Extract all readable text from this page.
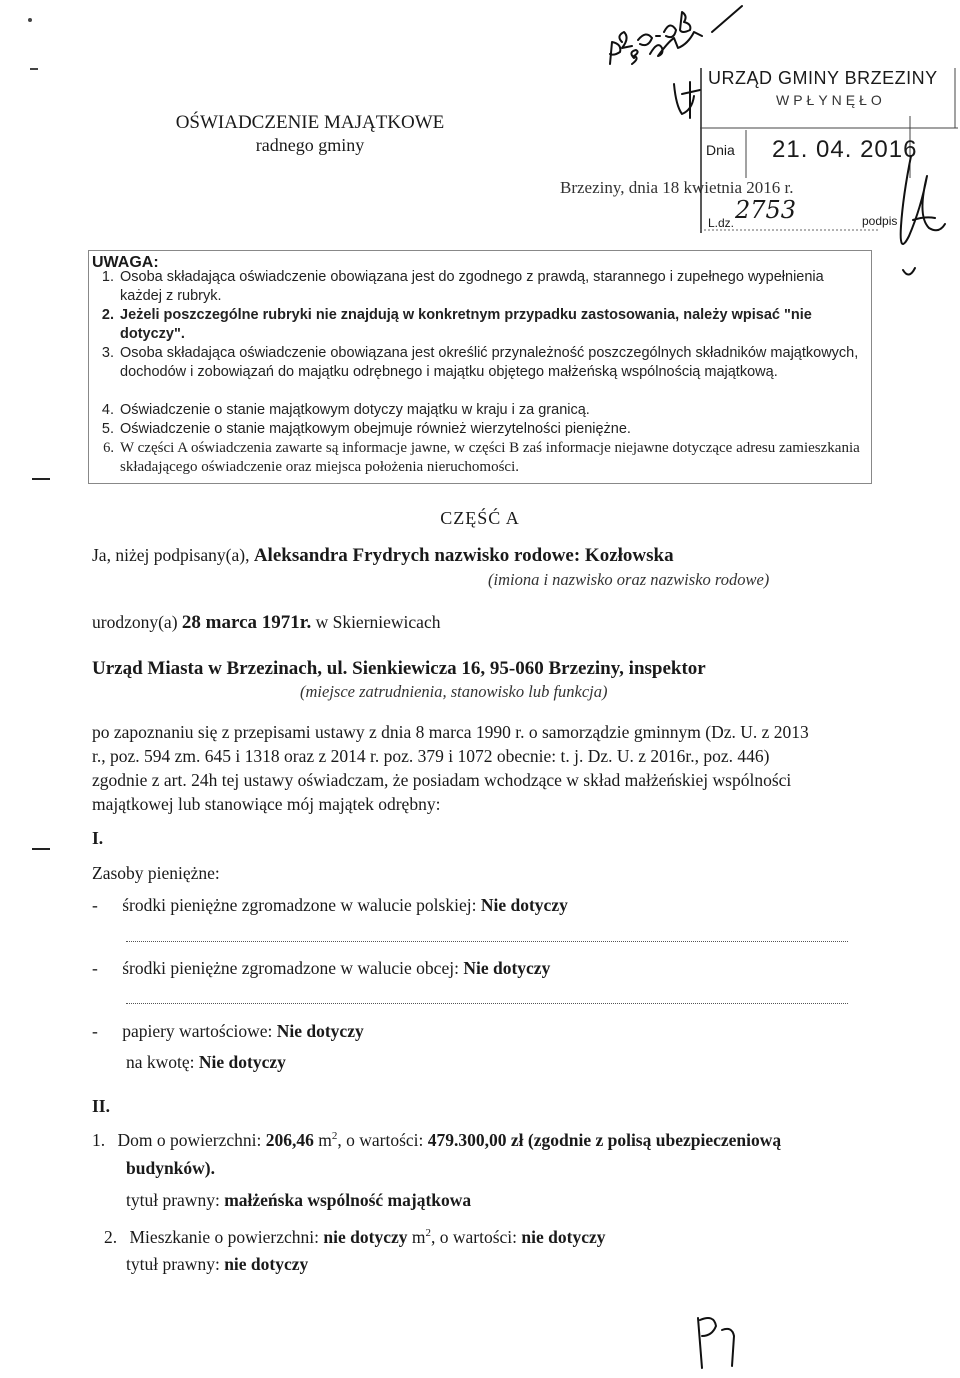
OŚWIADCZENIE MAJĄTKOWE
radnego gminy
Brzeziny, dnia 18 kwietnia 2016 r.
URZĄD GMINY BRZEZINY
WPŁYNĘŁO
Dnia 21. 04. 2016
L.dz. 2753	podpis
UWAGA:
1. Osoba składająca oświadczenie obowiązana jest do zgodnego z prawdą, starannego i zupełnego wypełnienia każdej z rubryk.
2. Jeżeli poszczególne rubryki nie znajdują w konkretnym przypadku zastosowania, należy wpisać "nie dotyczy".
3. Osoba składająca oświadczenie obowiązana jest określić przynależność poszczególnych składników majątkowych, dochodów i zobowiązań do majątku odrębnego i majątku objętego małżeńską wspólnością majątkową.
4. Oświadczenie o stanie majątkowym dotyczy majątku w kraju i za granicą.
5. Oświadczenie o stanie majątkowym obejmuje również wierzytelności pieniężne.
6. W części A oświadczenia zawarte są informacje jawne, w części B zaś informacje niejawne dotyczące adresu zamieszkania składającego oświadczenie oraz miejsca położenia nieruchomości.
CZĘŚĆ A
Ja, niżej podpisany(a), Aleksandra Frydrych nazwisko rodowe: Kozłowska
(imiona i nazwisko oraz nazwisko rodowe)
urodzony(a) 28 marca 1971r. w Skierniewicach
Urząd Miasta w Brzezinach, ul. Sienkiewicza 16, 95-060 Brzeziny, inspektor
(miejsce zatrudnienia, stanowisko lub funkcja)
po zapoznaniu się z przepisami ustawy z dnia 8 marca 1990 r. o samorządzie gminnym (Dz. U. z 2013
r., poz. 594 zm. 645 i 1318 oraz z 2014 r. poz. 379 i 1072 obecnie: t. j. Dz. U. z 2016r., poz. 446)
zgodnie z art. 24h tej ustawy oświadczam, że posiadam wchodzące w skład małżeńskiej wspólności
majątkowej lub stanowiące mój majątek odrębny:
I.
Zasoby pieniężne:
- środki pieniężne zgromadzone w walucie polskiej: Nie dotyczy
- środki pieniężne zgromadzone w walucie obcej: Nie dotyczy
- papiery wartościowe: Nie dotyczy
na kwotę: Nie dotyczy
II.
1. Dom o powierzchni: 206,46 $m^2$, o wartości: 479.300,00 zł (zgodnie z polisą ubezpieczeniową
budynków).
tytuł prawny: małżeńska wspólność majątkowa
2. Mieszkanie o powierzchni: nie dotyczy $m^2$, o wartości: nie dotyczy
tytuł prawny: nie dotyczy
